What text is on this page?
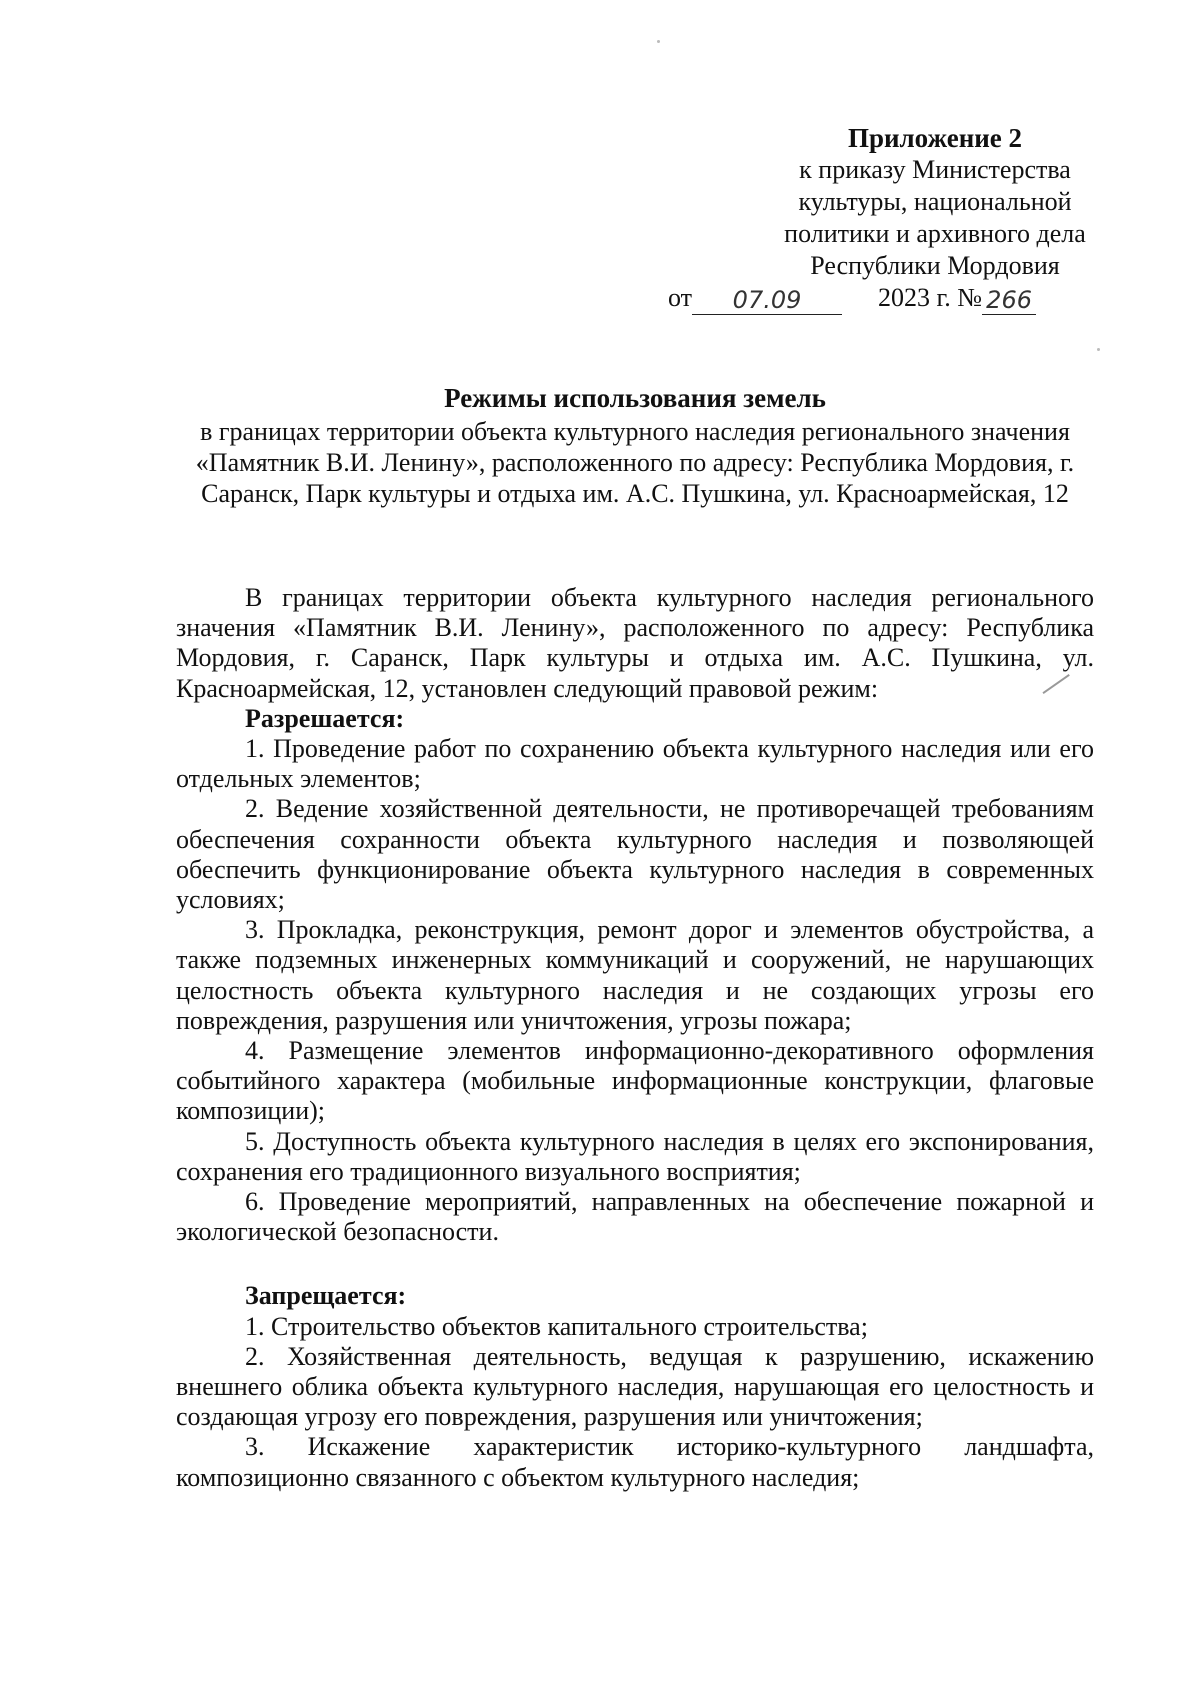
Приложение 2
к приказу Министерства
культуры, национальной
политики и архивного дела
Республики Мордовия
от 07.09	2023 г. № 266
Режимы использования земель
в границах территории объекта культурного наследия регионального значения «Памятник В.И. Ленину», расположенного по адресу: Республика Мордовия, г. Саранск, Парк культуры и отдыха им. А.С. Пушкина, ул. Красноармейская, 12

В границах территории объекта культурного наследия регионального значения «Памятник В.И. Ленину», расположенного по адресу: Республика Мордовия, г. Саранск, Парк культуры и отдыха им. А.С. Пушкина, ул. Красноармейская, 12, установлен следующий правовой режим:

Разрешается:

1. Проведение работ по сохранению объекта культурного наследия или его отдельных элементов;

2. Ведение хозяйственной деятельности, не противоречащей требованиям обеспечения сохранности объекта культурного наследия и позволяющей обеспечить функционирование объекта культурного наследия в современных условиях;

3. Прокладка, реконструкция, ремонт дорог и элементов обустройства, а также подземных инженерных коммуникаций и сооружений, не нарушающих целостность объекта культурного наследия и не создающих угрозы его повреждения, разрушения или уничтожения, угрозы пожара;

4. Размещение элементов информационно-декоративного оформления событийного характера (мобильные информационные конструкции, флаговые композиции);

5. Доступность объекта культурного наследия в целях его экспонирования, сохранения его традиционного визуального восприятия;

6. Проведение мероприятий, направленных на обеспечение пожарной и экологической безопасности.

Запрещается:

1. Строительство объектов капитального строительства;

2. Хозяйственная деятельность, ведущая к разрушению, искажению внешнего облика объекта культурного наследия, нарушающая его целостность и создающая угрозу его повреждения, разрушения или уничтожения;

3. Искажение характеристик историко-культурного ландшафта, композиционно связанного с объектом культурного наследия;
